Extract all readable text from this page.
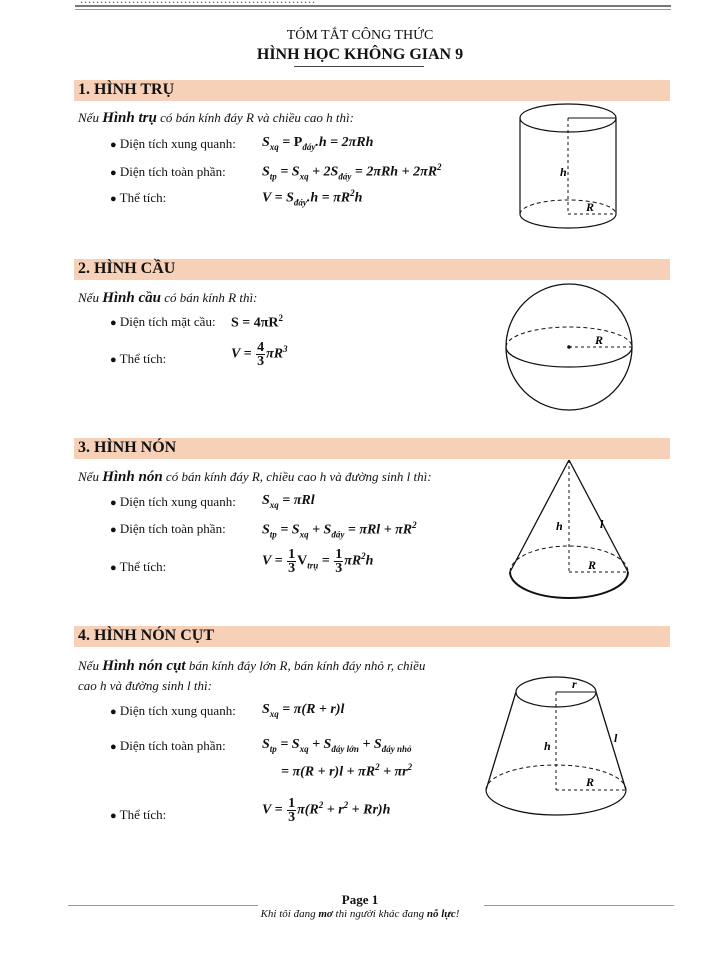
TÓM TẮT CÔNG THỨC
HÌNH HỌC KHÔNG GIAN 9
1. HÌNH TRỤ
Nếu Hình trụ có bán kính đáy R và chiều cao h thì:
● Diện tích xung quanh:
● Diện tích toàn phần:
● Thể tích:
$S_{xq} = P_{đáy}.h = 2\pi Rh$
$S_{tp} = S_{xq} + 2S_{đáy} = 2\pi Rh + 2\pi R^2$
$V = S_{đáy}.h = \pi R^2h$
h
R
2. HÌNH CẦU
Nếu Hình cầu có bán kính R thì:
● Diện tích mặt cầu:
● Thể tích:
$S = 4\pi R^2$
$V = \frac{4}{3} \pi R^3$
R
3. HÌNH NÓN
Nếu Hình nón có bán kính đáy R, chiều cao h và đường sinh l thì:
● Diện tích xung quanh:
● Diện tích toàn phần:
● Thể tích:
$S_{xq} = \pi Rl$
$S_{tp} = S_{xq} + S_{đáy} = \pi Rl + \pi R^2$
$V = \frac{1}{3} V_{trụ} = \frac{1}{3} \pi R^2h$
h	l
R
4. HÌNH NÓN CỤT
Nếu Hình nón cụt bán kính đáy lớn R, bán kính đáy nhỏ r, chiều
cao h và đường sinh l thì:
● Diện tích xung quanh:
● Diện tích toàn phần:
● Thể tích:
$S_{xq} = \pi(R + r)l$
$S_{tp} = S_{xq} + S_{đáy lớn} + S_{đáy nhỏ}$
= $\pi(R + r)l + \pi R^2 + \pi r^2$
$V = \frac{1}{3} \pi(R^2 + r^2 + Rr)h$
r
h
l
R
Page 1
Khi tôi đang mơ thì người khác đang nỗ lực!
